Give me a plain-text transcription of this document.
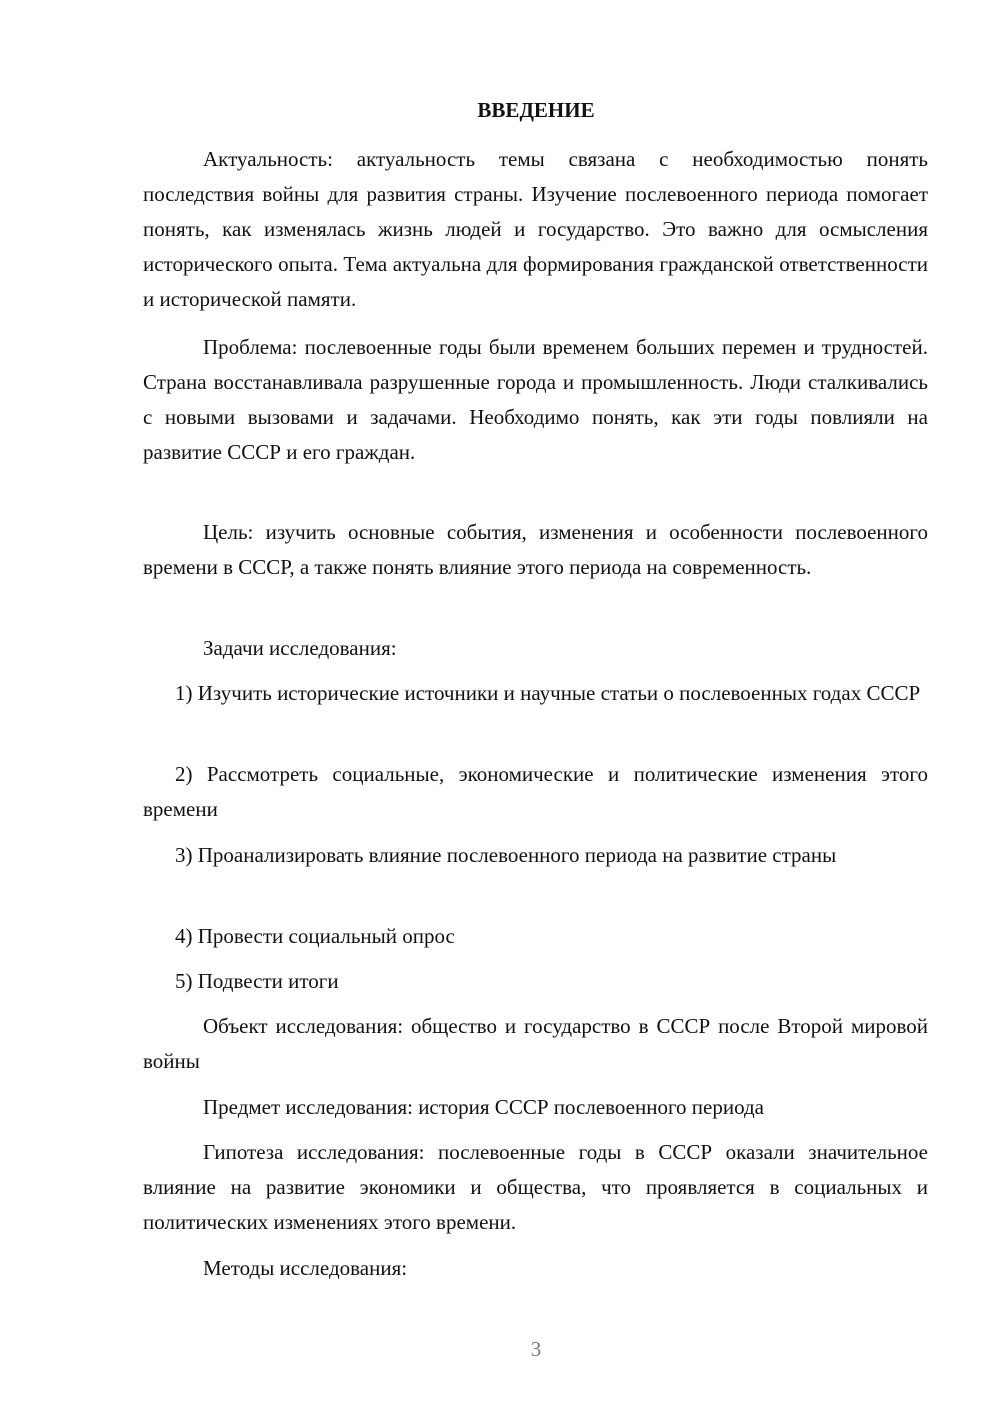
ВВЕДЕНИЕ

Актуальность: актуальность темы связана с необходимостью понять последствия войны для развития страны. Изучение послевоенного периода помогает понять, как изменялась жизнь людей и государство. Это важно для осмысления исторического опыта. Тема актуальна для формирования гражданской ответственности и исторической памяти.

Проблема: послевоенные годы были временем больших перемен и трудностей. Страна восстанавливала разрушенные города и промышленность. Люди сталкивались с новыми вызовами и задачами. Необходимо понять, как эти годы повлияли на развитие СССР и его граждан.

Цель: изучить основные события, изменения и особенности послевоенного времени в СССР, а также понять влияние этого периода на современность.

Задачи исследования:

1) Изучить исторические источники и научные статьи о послевоенных годах СССР

2) Рассмотреть социальные, экономические и политические изменения этого времени

3) Проанализировать влияние послевоенного периода на развитие страны

4) Провести социальный опрос

5) Подвести итоги

Объект исследования: общество и государство в СССР после Второй мировой войны

Предмет исследования: история СССР послевоенного периода

Гипотеза исследования: послевоенные годы в СССР оказали значительное влияние на развитие экономики и общества, что проявляется в социальных и политических изменениях этого времени.

Методы исследования:

3
